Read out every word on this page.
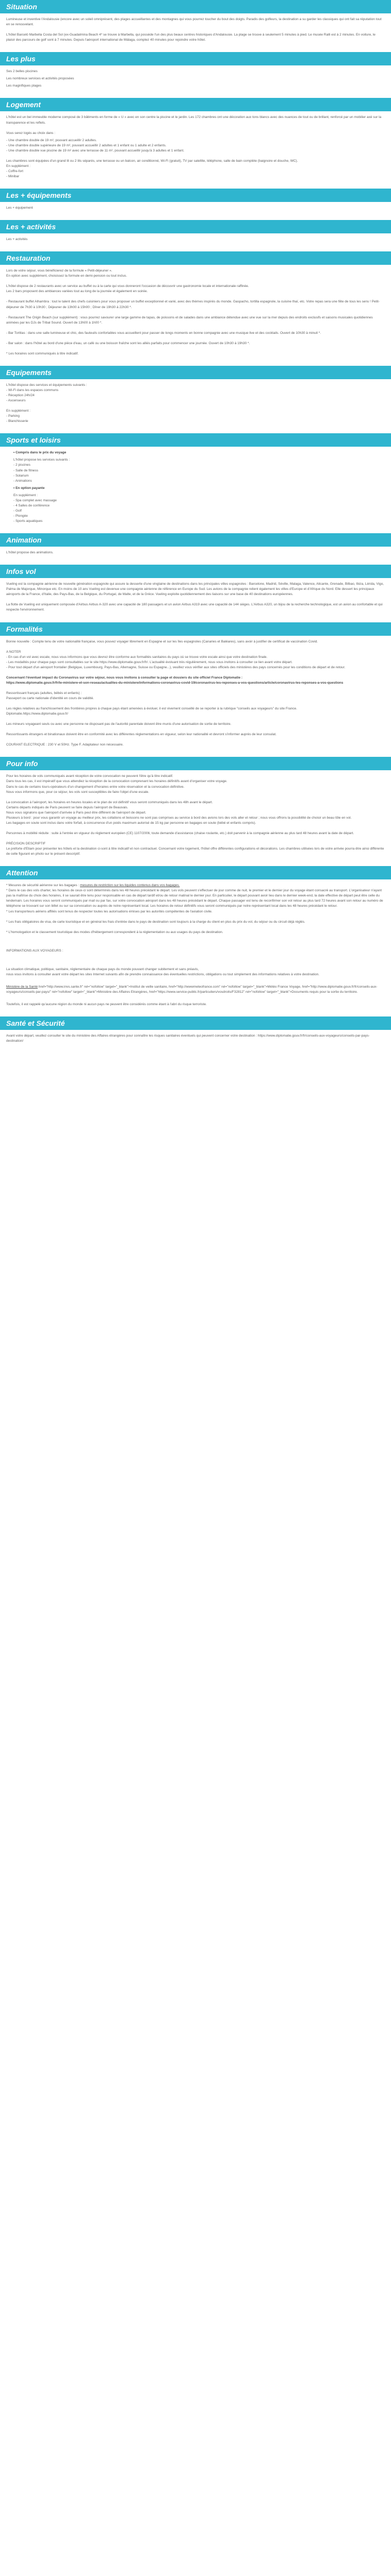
Situation

Lumineuse et inventive l'Andalousie (encore avec un soleil omniprésent, des plages accueillantes et des montagnes qui vous pourrez toucher du bout des doigts. Paradis des golfeurs, la destination a su garder les classiques qui ont fait sa réputation tout en se renouvelant.

L'hôtel Barceló Marbella Costa del Sol (ex-Guadalmina Beach 4* se trouve à Marbella, qui possède l'un des plus beaux centres historiques d'Andalousie. La plage se trouve à seulement 5 minutes à pied. Le musée Ralli est à 2 minutes. En voiture, le plaisir des parcours de golf sont à 7 minutes. Depuis l'aéroport international de Málaga, comptez 40 minutes pour rejoindre votre hôtel.

Les plus

Ses 2 belles piscines

Les nombreux services et activités proposées

Les magnifiques plages

Logement

L'hôtel est un bel immeuble moderne composé de 3 bâtiments en forme de « U » avec en son centre la piscine et le jardin. Les 172 chambres ont une décoration aux tons blancs avec des nuances de tout ou de brillant, renforcé par un mobilier axé sur la transparence et les reflets.

Vous serez logés au choix dans :

- Une chambre double de 19 m², pouvant accueillir 2 adultes.
- Une chambre double supérieure de 19 m², pouvant accueillir 2 adultes et 1 enfant ou 1 adulte et 2 enfants.
- Une chambre double vue piscine de 19 m² avec une terrasse de 11 m², pouvant accueillir jusqu'à 3 adultes et 1 enfant.

Les chambres sont équipées d'un grand lit ou 2 lits séparés, une terrasse ou un balcon, air conditionné, Wi-Fi (gratuit), TV par satellite, téléphone, salle de bain complète (baignoire et douche, WC).
En supplément :
- Coffre-fort
- Minibar

Les + équipements

Les + équipement

Les + activités

Les + activités

Restauration

Lors de votre séjour, vous bénéficierez de la formule « Petit-déjeuner ».
En option avec supplément, choisissez la formule en demi-pension ou tout inclus.

L'hôtel dispose de 2 restaurants avec un service au buffet ou à la carte qui vous donneront l'occasion de découvrir une gastronomie locale et internationale raffinée.
Les 2 bars proposent des ambiances variées tout au long de la journée et également en soirée.

- Restaurant buffet Alhambra : tout le talent des chefs cuisiniers pour vous proposer un buffet exceptionnel et varié, avec des thèmes inspirés du monde. Gaspacho, tortilla espagnole, la cuisine thaï, etc. Votre repas sera une fête de tous les sens ! Petit-déjeuner de 7h30 à 10h30 ; Déjeuner de 13h00 à 15h00 ; Dîner de 19h30 à 22h30 *.

- Restaurant The Origin Beach (sur supplément) : vous pourrez savourer une large gamme de tapas, de poissons et de salades dans une ambiance détendue avec une vue sur la mer depuis des endroits exclusifs et saisons musicales quotidiennes animées par les DJs de Tribal Sound. Ouvert de 13h00 à 1h00 *.

- Bar Tortitas : dans une salle lumineuse et chic, des fauteuils confortables vous accueillent pour passer de longs moments en bonne compagnie avec une musique live et des cocktails. Ouvert de 10h30 à minuit *.

- Bar salon : dans l'hôtel au bord d'une pièce d'eau, un café ou une boisson fraîche sont les alliés parfaits pour commencer une journée. Ouvert de 10h30 à 19h30 *.

* Les horaires sont communiqués à titre indicatif.

Equipements

L'hôtel dispose des services et équipements suivants :
- Wi-Fi dans les espaces communs
- Réception 24h/24
- Ascenseurs

En supplément :
- Parking
- Blanchisserie

Sports et loisirs
• Compris dans le prix du voyage

L'hôtel propose les services suivants :
- 2 piscines
- Salle de fitness
- Solarium
- Animations

• En option payante

En supplément :
- Spa complet avec massage
- 4 Salles de conférence
- Golf
- Plongée
- Sports aquatiques

Animation

L'hôtel propose des animations.

Infos vol

Vueling est la compagnie aérienne de nouvelle génération espagnole qui assure la desserte d'une vingtaine de destinations dans les principales villes espagnoles : Barcelone, Madrid, Séville, Malaga, Valence, Alicante, Grenade, Bilbao, Ibiza, Lérida, Vigo, Palma de Majorque, Minorque etc. En moins de 10 ans Vueling est devenue une compagnie aérienne de référence en Europe du Sud. Les avions de la compagnie relient également les villes d'Europe et d'Afrique du Nord. Elle dessert les principaux aéroports de la France, d'Italie, des Pays-Bas, de la Belgique, du Portugal, de Malte, et de la Grèce. Vueling exploite quotidiennement des liaisons sur une base de 40 destinations européennes.

La flotte de Vueling est uniquement composée d'Airbus Airbus A-320 avec une capacité de 180 passagers et un avion Airbus A319 avec une capacité de 144 sièges. L'Airbus A320, un bijou de la recherche technologique, est un avion au confortable et qui respecte l'environnement.

Formalités

Bonne nouvelle : Compte tenu de votre nationalité française, vous pouvez voyager librement en Espagne et sur les îles espagnoles (Canaries et Baléares), sans avoir à justifier de certificat de vaccination Covid.

A NOTER
- En cas d'un vol avec escale, nous vous informons que vous devrez être conforme aux formalités sanitaires du pays où se trouve votre escale ainsi que votre destination finale.
- Les modalités pour chaque pays sont consultables sur le site https://www.diplomatie.gouv.fr/fr/. L'actualité évoluant très régulièrement, nous vous invitons à consulter ce lien avant votre départ.
- Pour tout départ d'un aéroport frontalier (Belgique, Luxembourg, Pays-Bas, Allemagne, Suisse ou Espagne...), veuillez vous vérifier aux sites officiels des ministères des pays concernés pour les conditions de départ et de retour.

Concernant l'éventuel impact du Coronavirus sur votre séjour, nous vous invitons à consulter la page et dossiers du site officiel France Diplomatie :
https://www.diplomatie.gouv.fr/fr/le-ministere-et-son-reseau/actualites-du-ministere/informations-coronavirus-covid-19/coronavirus-les-reponses-a-vos-questions/article/coronavirus-les-reponses-a-vos-questions

Ressortissant français (adultes, bébés et enfants) :
Passeport ou carte nationale d'identité en cours de validité.

Les règles relatives au franchissement des frontières propres à chaque pays étant amenées à évoluer, il est vivement conseillé de se reporter à la rubrique "conseils aux voyageurs" du site France.
Diplomatie.https://www.diplomatie.gouv.fr/

Les mineurs voyageant seuls ou avec une personne ne disposant pas de l'autorité parentale doivent être munis d'une autorisation de sortie de territoire.

Ressortissants étrangers et binationaux doivent être en conformité avec les différentes réglementations en vigueur, selon leur nationalité et devront s'informer auprès de leur consulat.

COURANT ELECTRIQUE : 230 V et 50Hz. Type F. Adaptateur non nécessaire.

Pour info

Pour les horaires de vols communiqués avant réception de votre convocation ne peuvent l'être qu'à titre indicatif.
Dans tous les cas, il est impératif que vous attendiez la réception de la convocation comprenant les horaires définitifs avant d'organiser votre voyage.
Dans le cas de certains tours-opérateurs d'un changement d'horaires entre votre réservation et la convocation définitive.
Nous vous informons que, pour ce séjour, les vols sont susceptibles de faire l'objet d'une escale.

La convocation à l'aéroport, les horaires en heures locales et le plan de vol définitif vous seront communiqués dans les 48h avant le départ.
Certains départs indiqués de Paris peuvent se faire depuis l'aéroport de Beauvais.
Nous vous signalons que l'aéroport d'arrivée à Paris peut être différent de l'aéroport de départ.
Plusieurs à bord : pour vous garantir un voyage au meilleur prix, les collations et boissons ne sont pas comprises au service à bord des avions lors des vols aller et retour ; nous vous offrons la possibilité de choisir un beau tôle en vol.
Les bagages en soute sont inclus dans votre forfait, à concurrence d'un poids maximum autorisé de 15 kg par personne en bagages en soute (bébé et enfants compris).

Personnes à mobilité réduite : suite à l'entrée en vigueur du règlement européen (CE) 1107/2006, toute demande d'assistance (chaise roulante, etc.) doit parvenir à la compagnie aérienne au plus tard 48 heures avant la date de départ.

PRÉCISION DESCRIPTIF
Le préforte d'Etiam pour présenter les hôtels et la destination ci-sont à titre indicatif et non contractuel. Concernant votre logement, l'hôtel offre différentes configurations et décorations. Les chambres utilisées lors de votre arrivée pourra être ainsi différente de celle figurant en photo sur le présent descriptif.

Attention

* Mesures de sécurité aérienne sur les bagages : mesures de restriction sur les liquides contenus dans vos bagages.
* Dans le cas des vols charter, les horaires de ceux-ci sont déterminés dans les 48 heures précédant le départ. Les vols peuvent s'effectuer de jour comme de nuit, le premier et le dernier jour du voyage étant consacré au transport. L'organisateur n'ayant pas la maîtrise du choix des horaires, il se saurait être tenu pour responsable en cas de départ tardif et/ou de retour matinal le dernier jour. En particulier, le départ pouvant avoir lieu dans le dernier week-end, la date effective de départ peut être celle du lendemain. Les horaires vous seront communiqués par mail ou par fax, sur votre convocation aéroport dans les 48 heures précédant le départ. Chaque passager est tenu de reconfirmer son vol retour au plus tard 72 heures avant son retour au numéro de téléphone se trouvant sur son billet ou sur sa convocation ou auprès de notre représentant local. Les horaires de retour définitifs vous seront communiqués par notre représentant local dans les 48 heures précédant le retour.
* Les transporteurs aériens affiliés sont tenus de respecter toutes les autorisations émises par les autorités compétentes de l'aviation civile.

* Les frais obligatoires de visa, de carte touristique et en général les frais d'entrée dans le pays de destination sont toujours à la charge du client en plus du prix du vol, du séjour ou du circuit déjà réglés.

* L'homologation et le classement touristique des modes d'hébergement correspondent à la réglementation ou aux usages du pays de destination.

INFORMATIONS AUX VOYAGEURS :

La situation climatique, politique, sanitaire, réglementaire de chaque pays du monde pouvant changer subitement et sans préavis,
nous vous invitons à consulter avant votre départ les sites Internet suivants afin de prendre connaissance des éventuelles restrictions, obligations ou tout simplement des informations relatives à votre destination.

Ministère de la Santé href="http://www.invs.sante.fr" rel="nofollow" target="_blank">Institut de veille sanitaire, href="http://wwwmeteofrance.com" rel="nofollow" target="_blank">Météo France Voyage, href="http://www.diplomatie.gouv.fr/fr/conseils-aux-voyageurs/conseils-par-pays/" rel="nofollow" target="_blank">Ministère des Affaires Etrangères, href="https://www.service-public.fr/particuliers/vosdroits/F32812" rel="nofollow" target="_blank">Documents requis pour la sortie du territoire.

Toutefois, il est rappelé qu'aucune région du monde ni aucun pays ne peuvent être considérés comme étant à l'abri du risque terroriste.

Santé et Sécurité

Avant votre départ, veuillez consulter le site du ministère des Affaires étrangères pour connaître les risques sanitaires éventuels qui peuvent concerner votre destination : https://www.diplomatie.gouv.fr/fr/conseils-aux-voyageurs/conseils-par-pays-destination/
